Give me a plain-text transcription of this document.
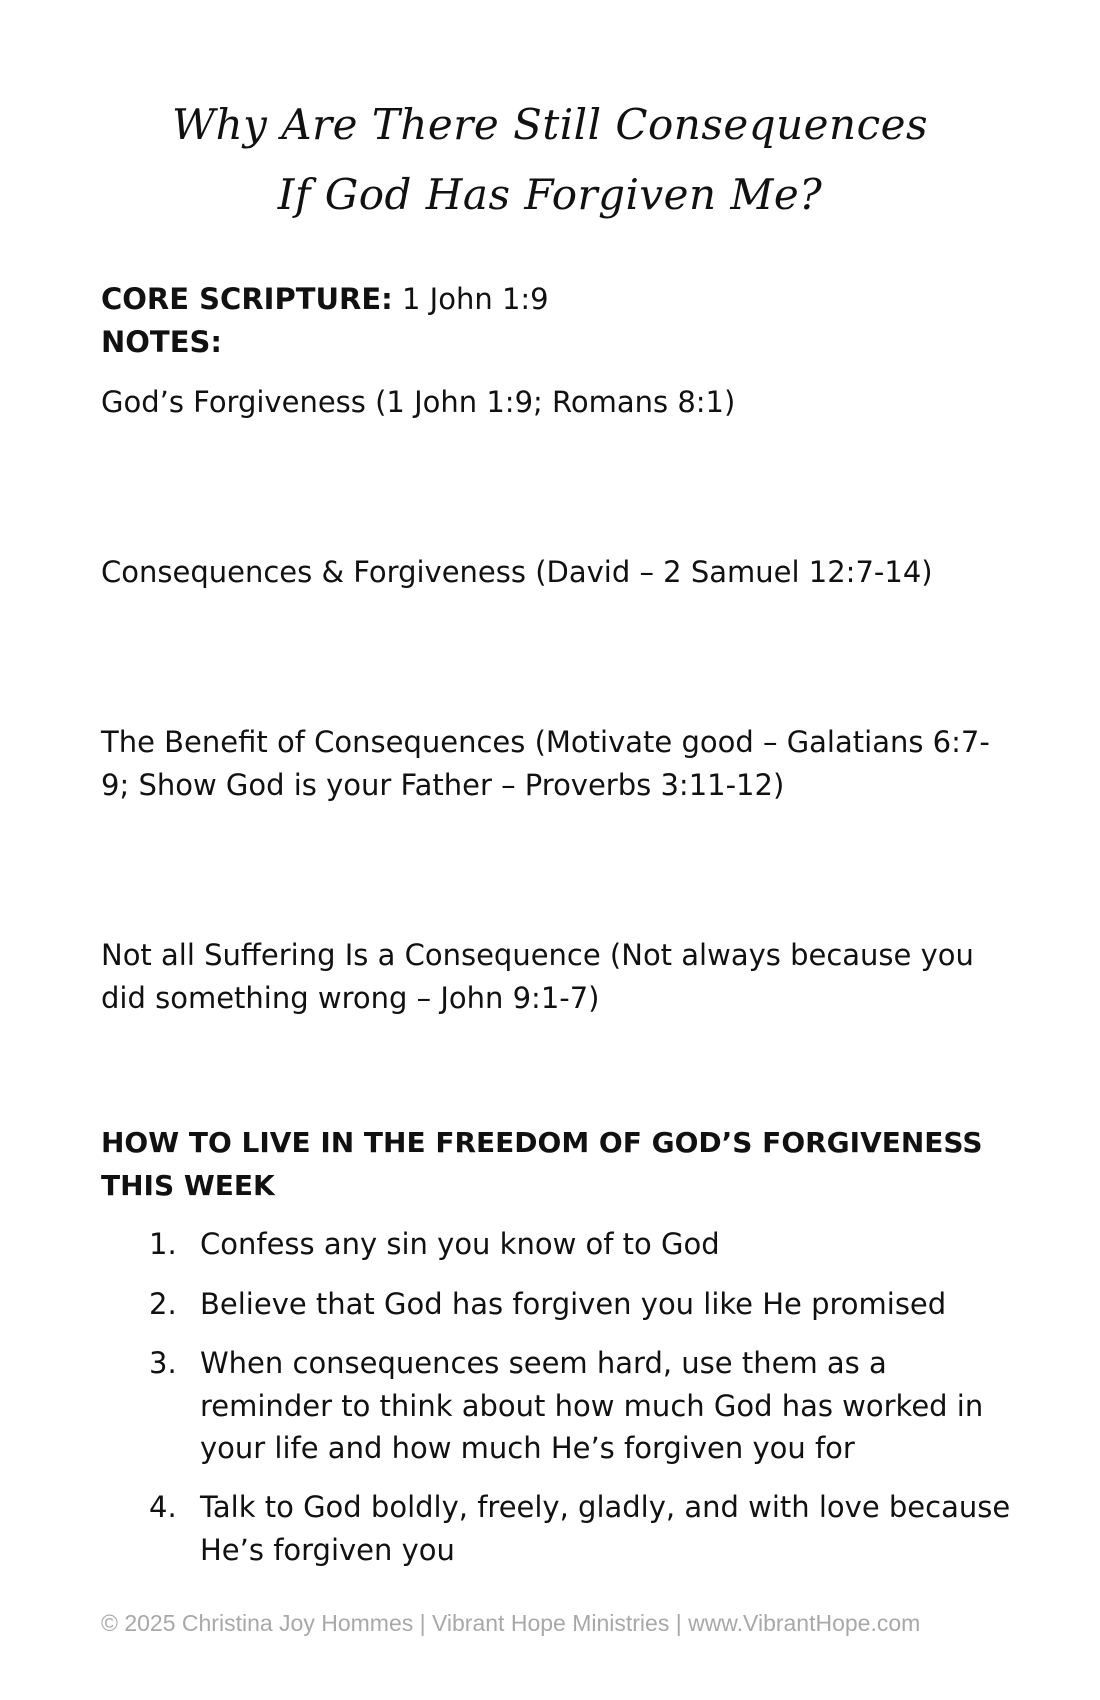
Why Are There Still Consequences
If God Has Forgiven Me?
CORE SCRIPTURE: 1 John 1:9
NOTES:
God’s Forgiveness (1 John 1:9; Romans 8:1)
Consequences & Forgiveness (David – 2 Samuel 12:7-14)
The Benefit of Consequences (Motivate good – Galatians 6:7-9; Show God is your Father – Proverbs 3:11-12)
Not all Suffering Is a Consequence (Not always because you did something wrong – John 9:1-7)
HOW TO LIVE IN THE FREEDOM OF GOD’S FORGIVENESS THIS WEEK
1. Confess any sin you know of to God
2. Believe that God has forgiven you like He promised
3. When consequences seem hard, use them as a reminder to think about how much God has worked in your life and how much He’s forgiven you for
4. Talk to God boldly, freely, gladly, and with love because He’s forgiven you
© 2025 Christina Joy Hommes | Vibrant Hope Ministries | www.VibrantHope.com
